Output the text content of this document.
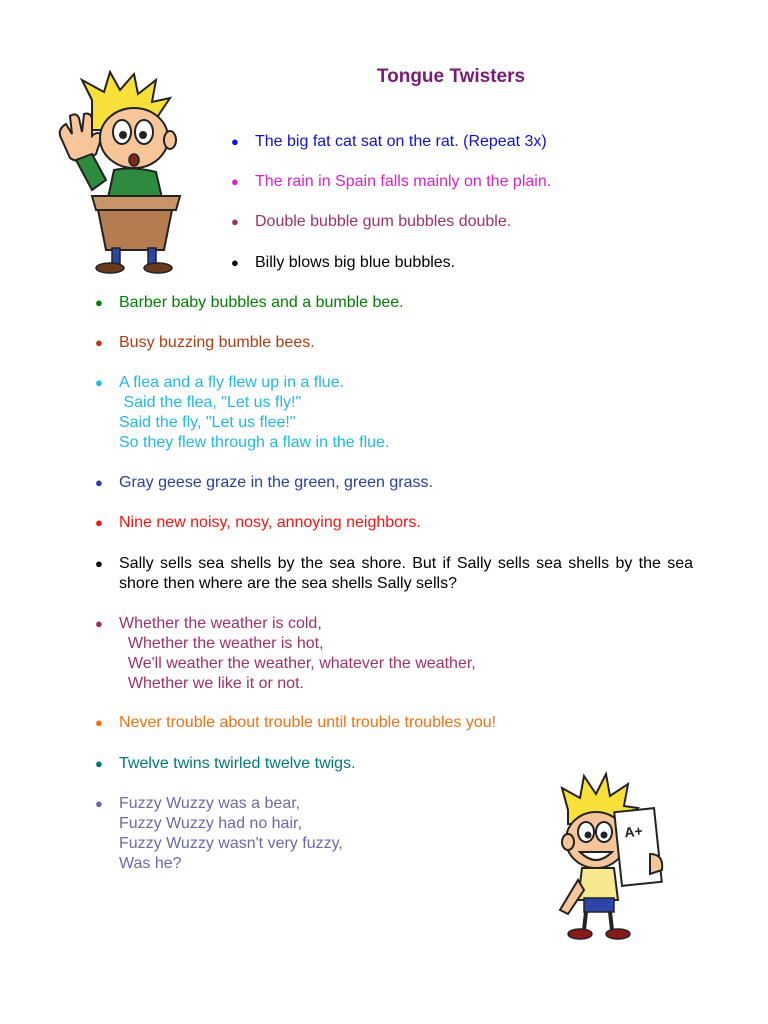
Tongue Twisters
A+
● The big fat cat sat on the rat. (Repeat 3x)
● The rain in Spain falls mainly on the plain.
● Double bubble gum bubbles double.
● Billy blows big blue bubbles.
● Barber baby bubbles and a bumble bee.
● Busy buzzing bumble bees.
● A flea and a fly flew up in a flue.
Said the flea, "Let us fly!"
Said the fly, "Let us flee!"
So they flew through a flaw in the flue.
● Gray geese graze in the green, green grass.
● Nine new noisy, nosy, annoying neighbors.
● Sally sells sea shells by the sea shore. But if Sally sells sea shells by the sea shore then where are the sea shells Sally sells?
● Whether the weather is cold,
Whether the weather is hot,
We'll weather the weather, whatever the weather,
Whether we like it or not.
● Never trouble about trouble until trouble troubles you!
● Twelve twins twirled twelve twigs.
● Fuzzy Wuzzy was a bear,
Fuzzy Wuzzy had no hair,
Fuzzy Wuzzy wasn't very fuzzy,
Was he?
